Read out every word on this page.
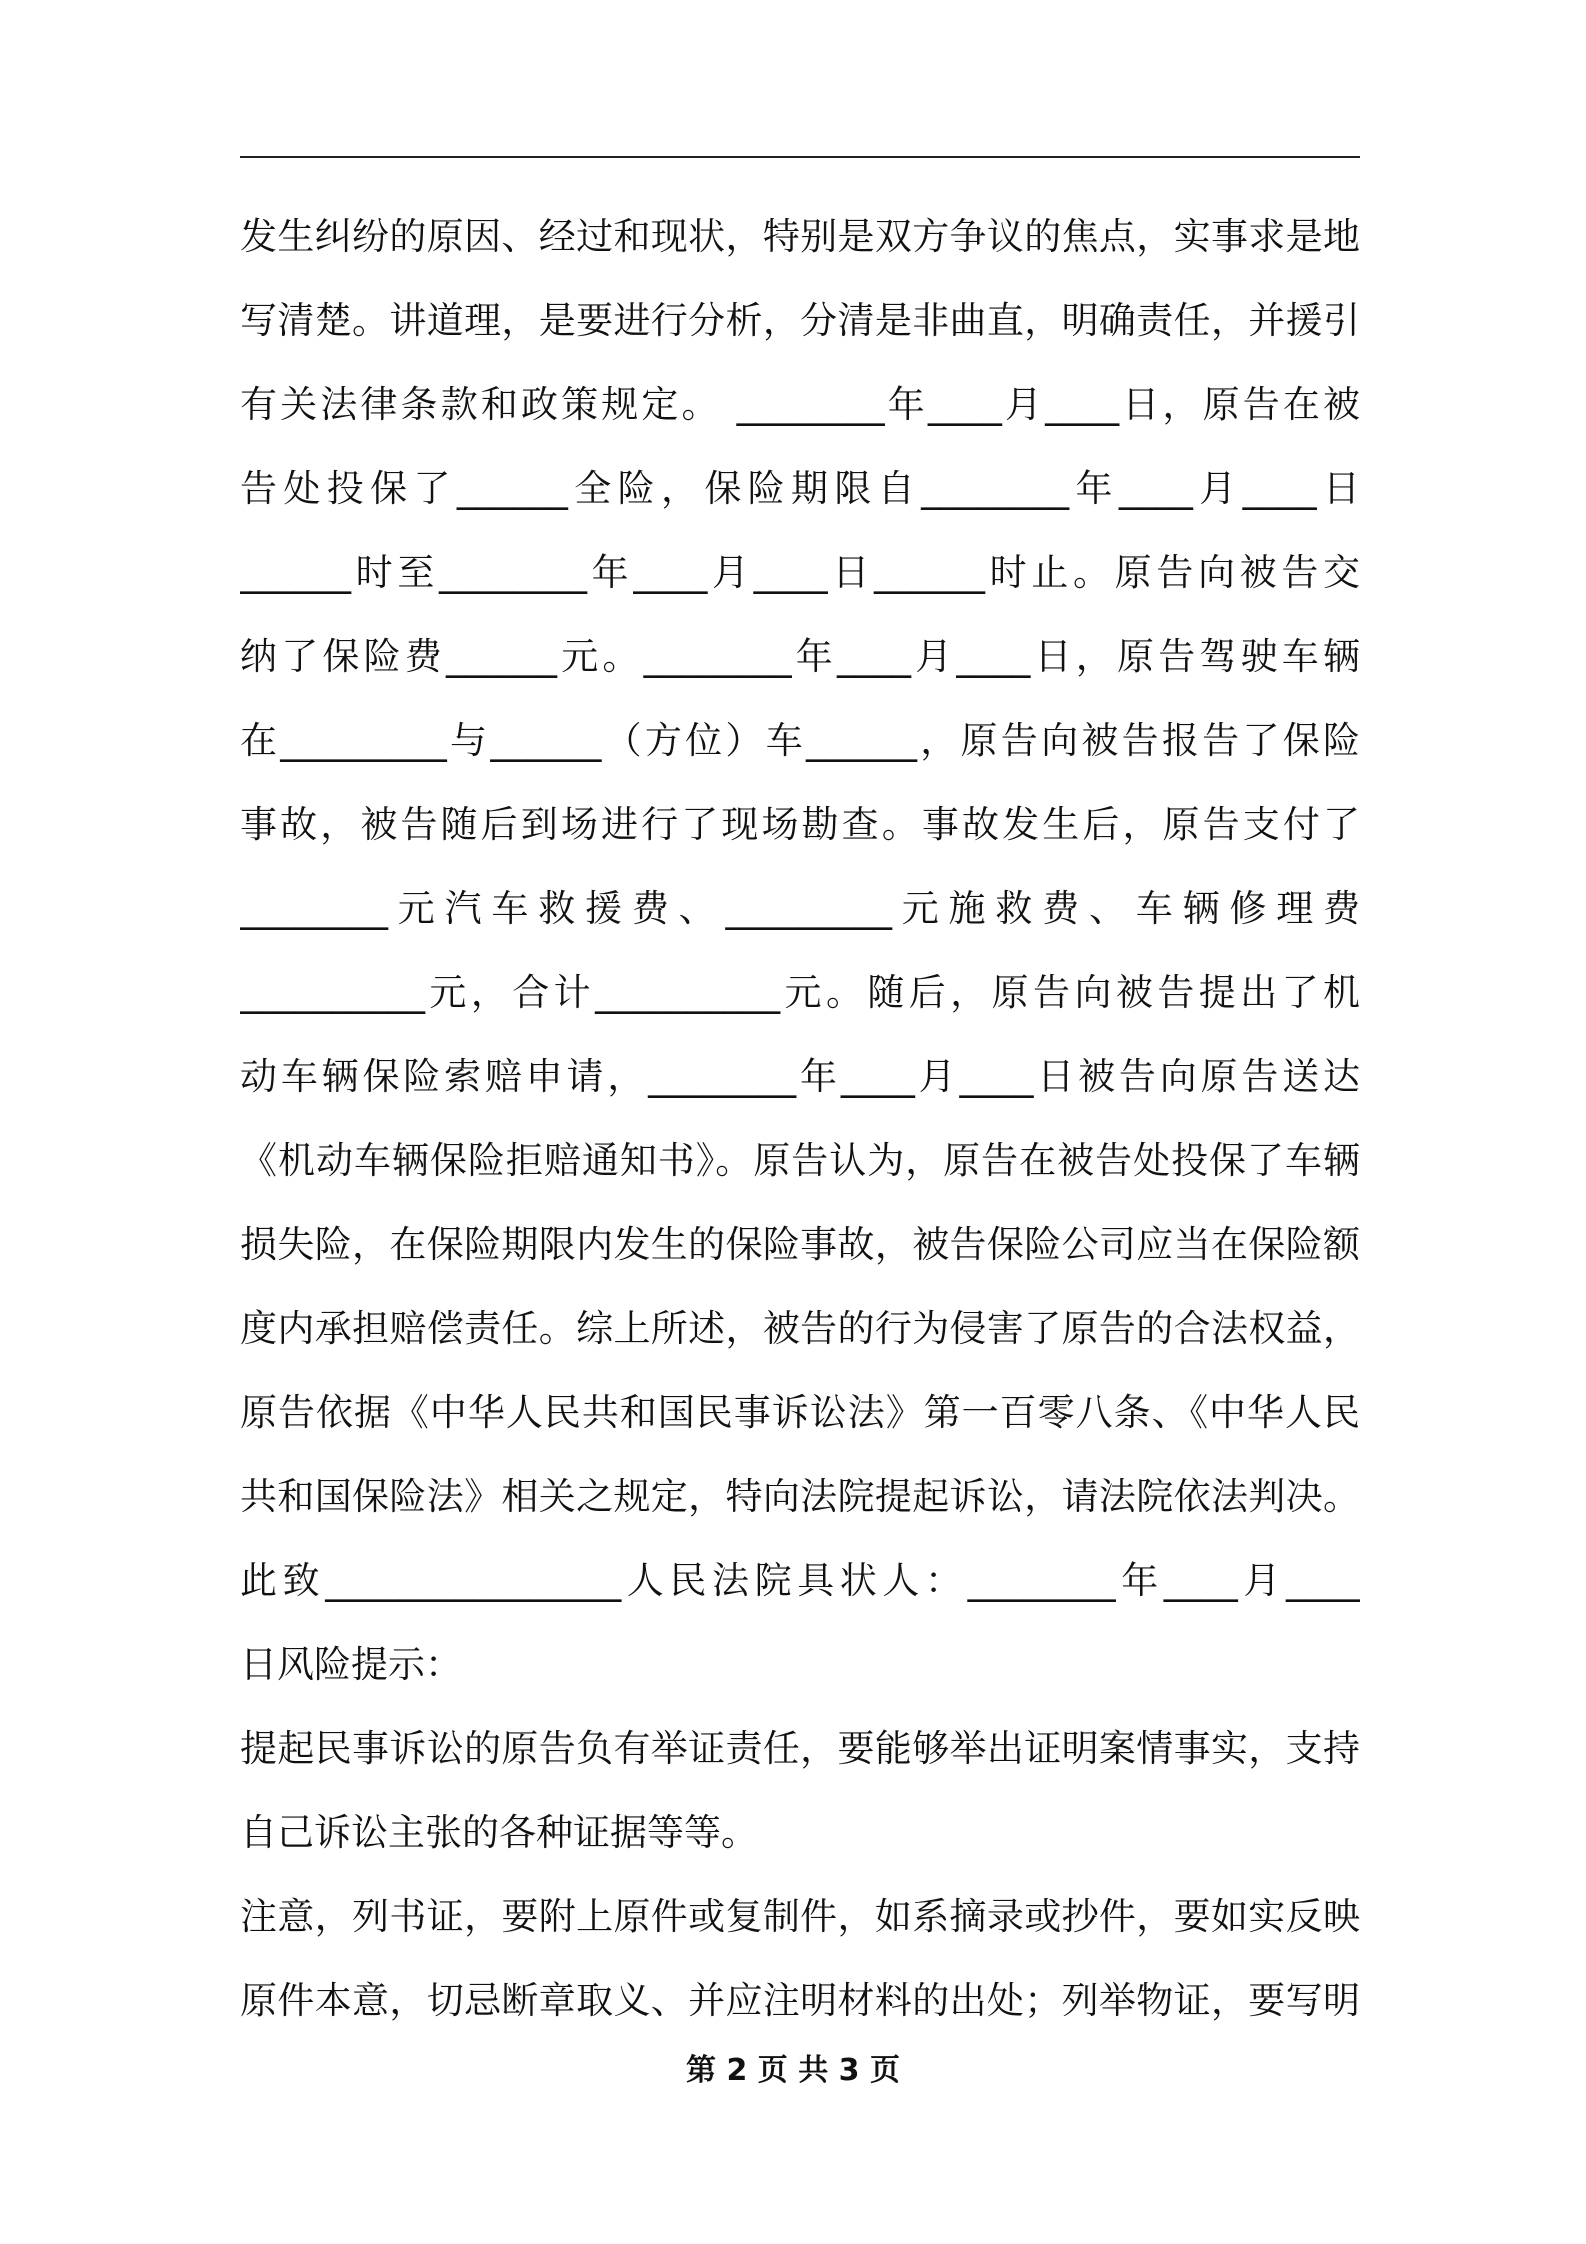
发生纠纷的原因、经过和现状，特别是双方争议的焦点，实事求是地
写清楚。讲道理，是要进行分析，分清是非曲直，明确责任，并援引
有关法律条款和政策规定。 ________年____月____日，原告在被
告处投保了______全险，保险期限自________年____月____日
______时至________年____月____日______时止。原告向被告交
纳了保险费______元。________年____月____日，原告驾驶车辆
在_________与______（方位）车______，原告向被告报告了保险
事故，被告随后到场进行了现场勘查。事故发生后，原告支付了
________元汽车救援费、_________元施救费、车辆修理费
__________元，合计__________元。随后，原告向被告提出了机
动车辆保险索赔申请，________年____月____日被告向原告送达
《机动车辆保险拒赔通知书》。原告认为，原告在被告处投保了车辆
损失险，在保险期限内发生的保险事故，被告保险公司应当在保险额
度内承担赔偿责任。综上所述，被告的行为侵害了原告的合法权益，
原告依据《中华人民共和国民事诉讼法》第一百零八条、《中华人民
共和国保险法》相关之规定，特向法院提起诉讼，请法院依法判决。
此致________________人民法院具状人：________年____月____
日风险提示：
提起民事诉讼的原告负有举证责任，要能够举出证明案情事实，支持
自己诉讼主张的各种证据等等。
注意，列书证，要附上原件或复制件，如系摘录或抄件，要如实反映
原件本意，切忌断章取义、并应注明材料的出处；列举物证，要写明
第 2 页 共 3 页
